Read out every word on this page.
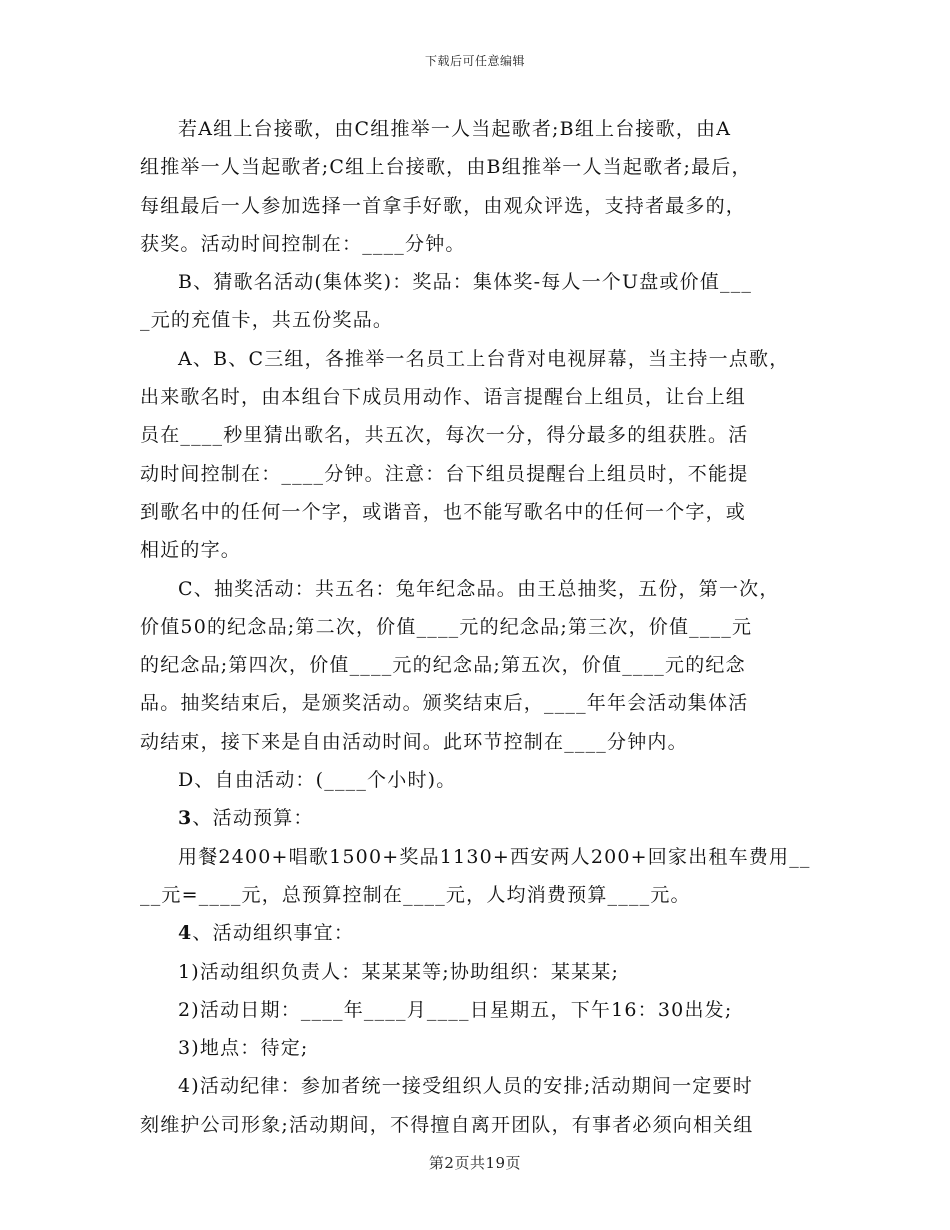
下载后可任意编辑

若A组上台接歌，由C组推举一人当起歌者;B组上台接歌，由A
组推举一人当起歌者;C组上台接歌，由B组推举一人当起歌者;最后，
每组最后一人参加选择一首拿手好歌，由观众评选，支持者最多的，
获奖。活动时间控制在：____分钟。

B、猜歌名活动(集体奖)：奖品：集体奖-每人一个U盘或价值___
_元的充值卡，共五份奖品。

A、B、C三组，各推举一名员工上台背对电视屏幕，当主持一点歌，
出来歌名时，由本组台下成员用动作、语言提醒台上组员，让台上组
员在____秒里猜出歌名，共五次，每次一分，得分最多的组获胜。活
动时间控制在：____分钟。注意：台下组员提醒台上组员时，不能提
到歌名中的任何一个字，或谐音，也不能写歌名中的任何一个字，或
相近的字。

C、抽奖活动：共五名：兔年纪念品。由王总抽奖，五份，第一次，
价值50的纪念品;第二次，价值____元的纪念品;第三次，价值____元
的纪念品;第四次，价值____元的纪念品;第五次，价值____元的纪念
品。抽奖结束后，是颁奖活动。颁奖结束后，____年年会活动集体活
动结束，接下来是自由活动时间。此环节控制在____分钟内。

D、自由活动：(____个小时)。

3、活动预算：

用餐2400+唱歌1500+奖品1130+西安两人200+回家出租车费用__
__元=____元，总预算控制在____元，人均消费预算____元。

4、活动组织事宜：

1)活动组织负责人：某某某等;协助组织：某某某;

2)活动日期：____年____月____日星期五，下午16：30出发;

3)地点：待定;

4)活动纪律：参加者统一接受组织人员的安排;活动期间一定要时
刻维护公司形象;活动期间，不得擅自离开团队，有事者必须向相关组

第2页共19页
